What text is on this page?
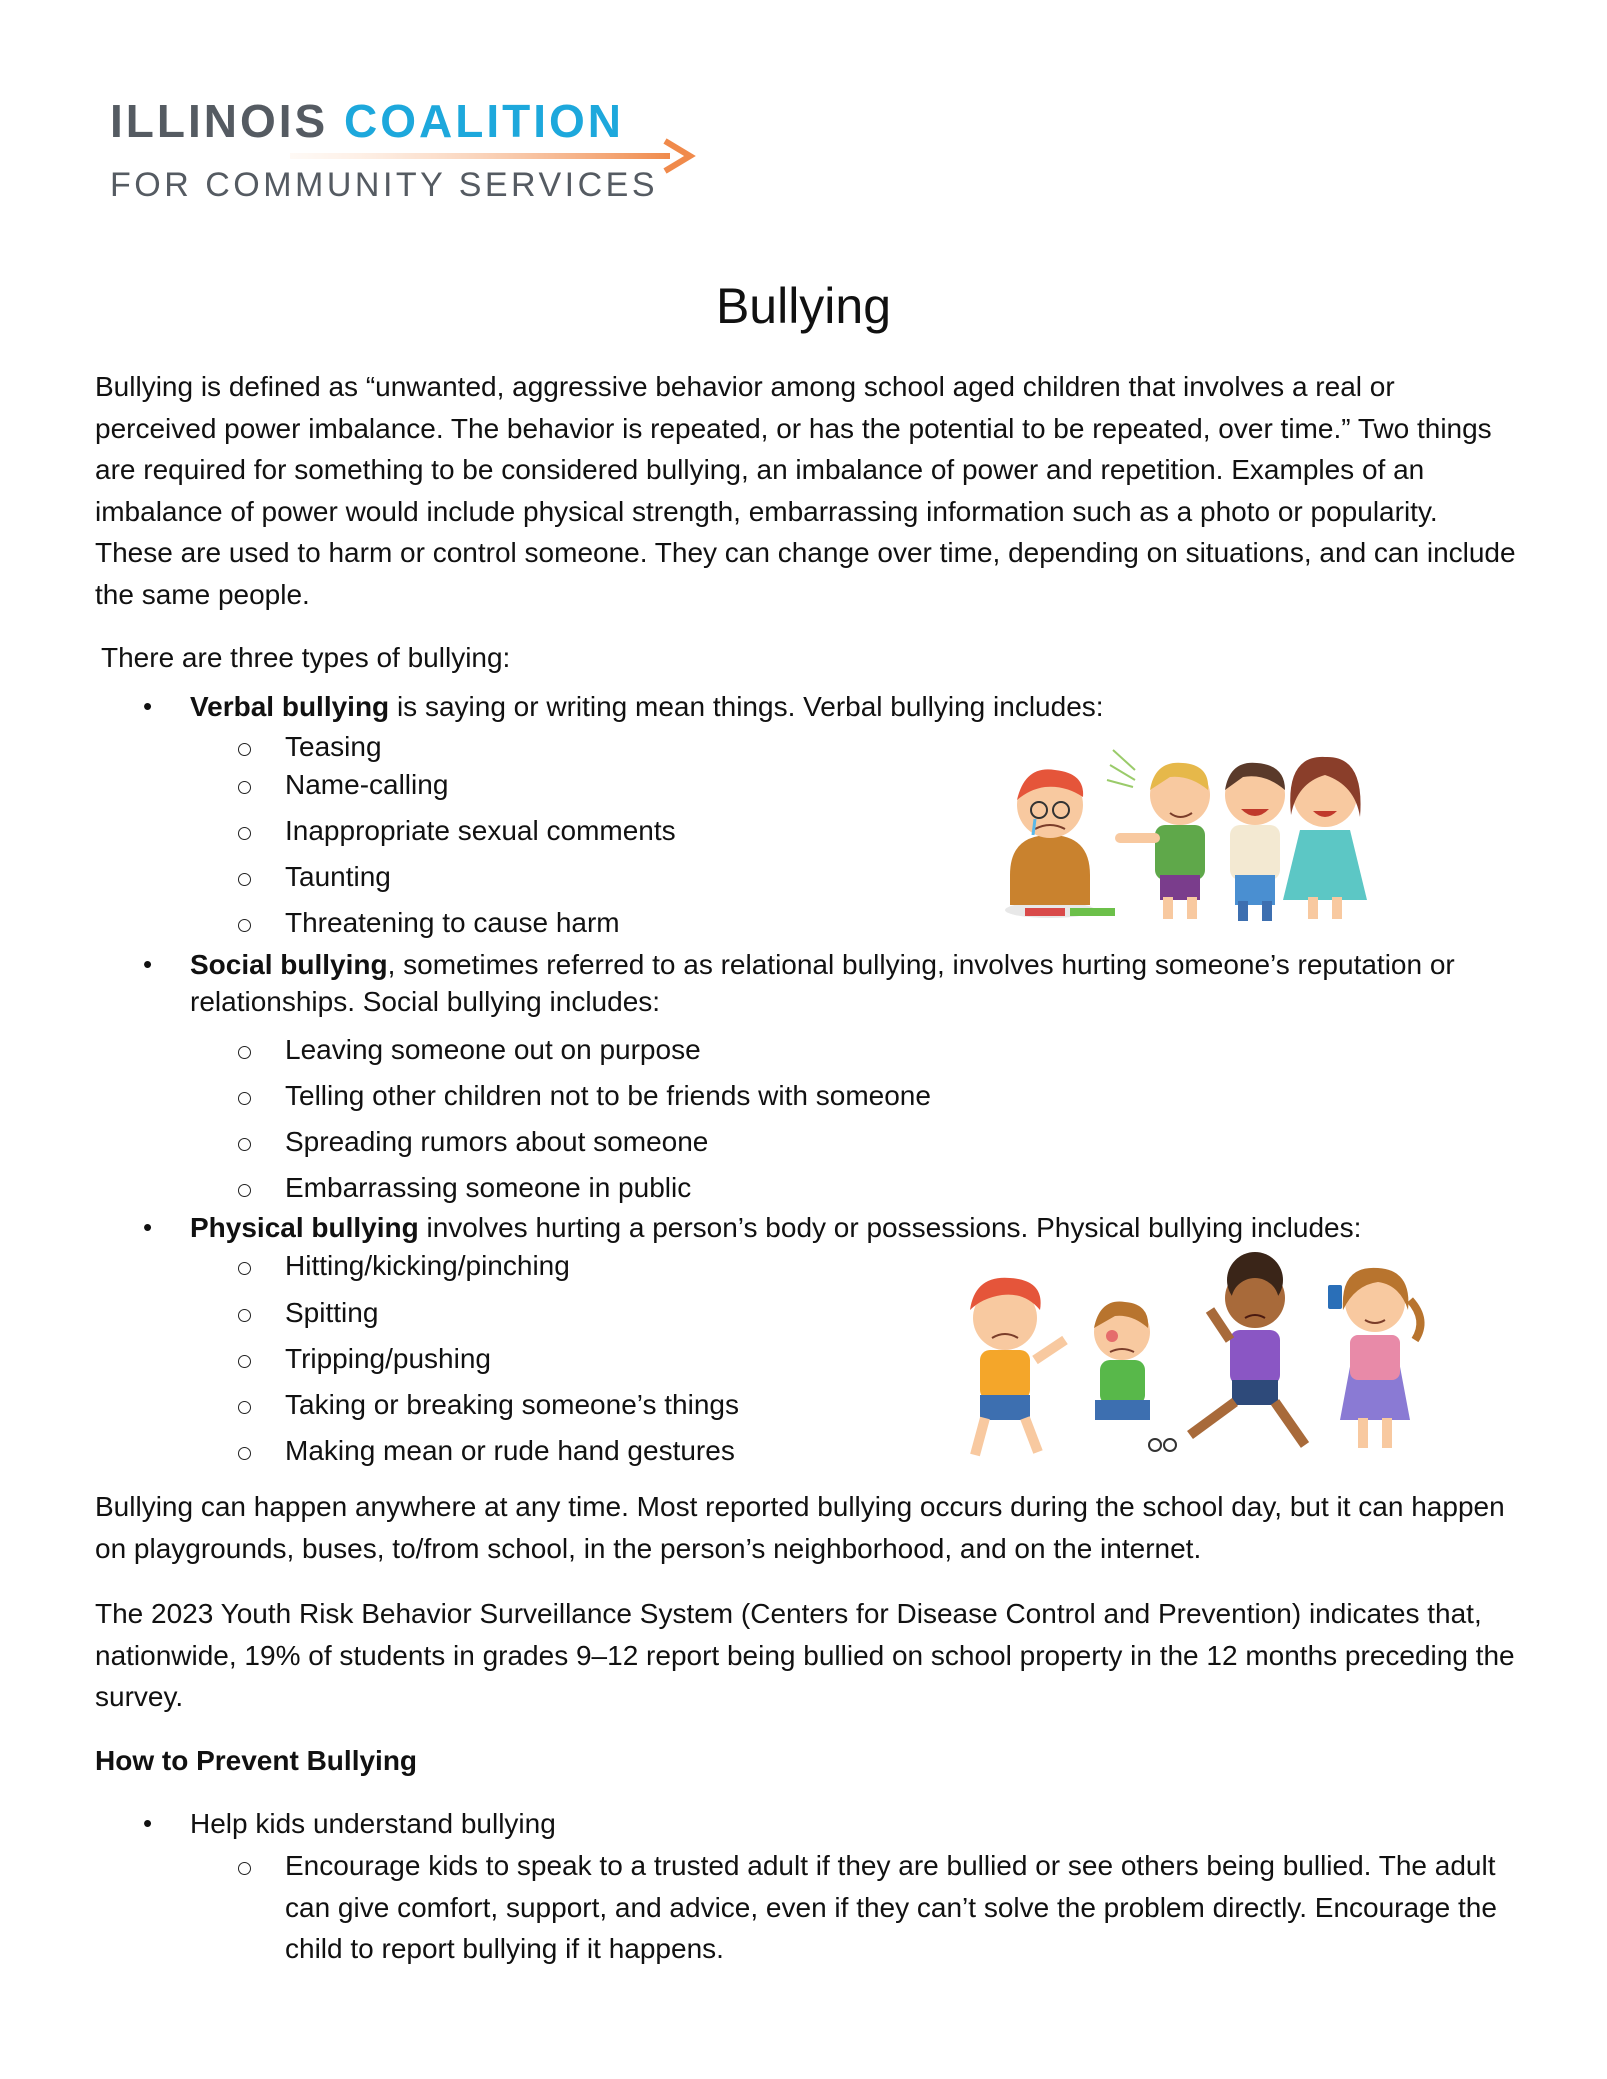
ILLINOIS COALITION
FOR COMMUNITY SERVICES
Bullying
Bullying is defined as “unwanted, aggressive behavior among school aged children that involves a real or perceived power imbalance. The behavior is repeated, or has the potential to be repeated, over time.” Two things are required for something to be considered bullying, an imbalance of power and repetition. Examples of an imbalance of power would include physical strength, embarrassing information such as a photo or popularity. These are used to harm or control someone. They can change over time, depending on situations, and can include the same people.
There are three types of bullying:
• Verbal bullying is saying or writing mean things. Verbal bullying includes:
Teasing
Name-calling
Inappropriate sexual comments
Taunting
Threatening to cause harm
• Social bullying, sometimes referred to as relational bullying, involves hurting someone’s reputation or
relationships. Social bullying includes:
Leaving someone out on purpose
Telling other children not to be friends with someone
Spreading rumors about someone
Embarrassing someone in public
• Physical bullying involves hurting a person’s body or possessions. Physical bullying includes:
Hitting/kicking/pinching
Spitting
Tripping/pushing
Taking or breaking someone’s things
Making mean or rude hand gestures
Bullying can happen anywhere at any time. Most reported bullying occurs during the school day, but it can happen on playgrounds, buses, to/from school, in the person’s neighborhood, and on the internet.
The 2023 Youth Risk Behavior Surveillance System (Centers for Disease Control and Prevention) indicates that, nationwide, 19% of students in grades 9–12 report being bullied on school property in the 12 months preceding the survey.
How to Prevent Bullying
• Help kids understand bullying
Encourage kids to speak to a trusted adult if they are bullied or see others being bullied. The adult can give comfort, support, and advice, even if they can’t solve the problem directly. Encourage the child to report bullying if it happens.
